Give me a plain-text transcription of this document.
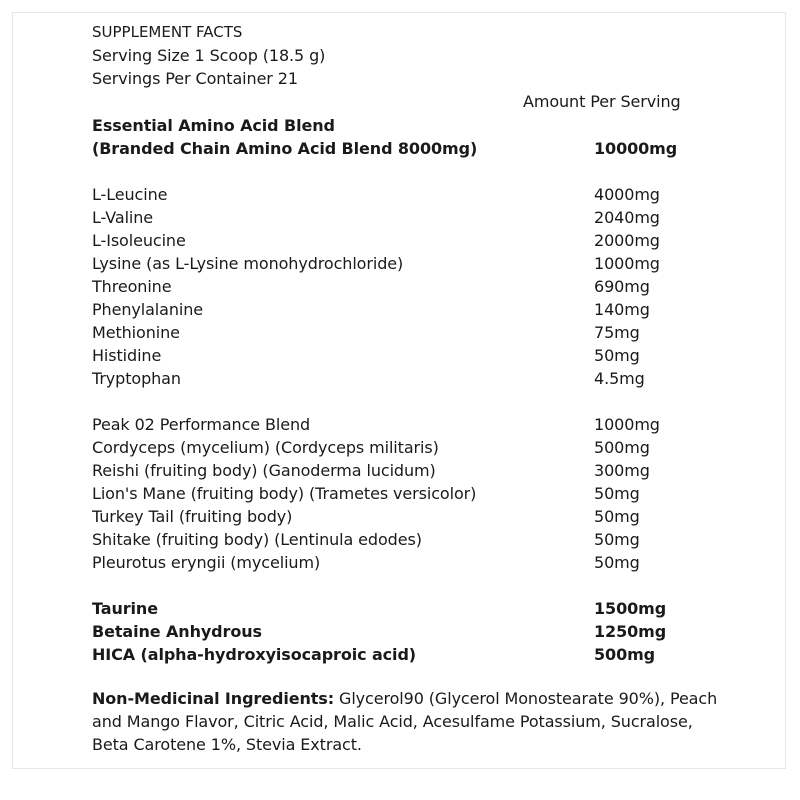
SUPPLEMENT FACTS
Serving Size 1 Scoop (18.5 g)
Servings Per Container 21
Amount Per Serving
Essential Amino Acid Blend
(Branded Chain Amino Acid Blend 8000mg)	10000mg
L-Leucine	4000mg
L-Valine	2040mg
L-Isoleucine	2000mg
Lysine (as L-Lysine monohydrochloride)	1000mg
Threonine	690mg
Phenylalanine	140mg
Methionine	75mg
Histidine	50mg
Tryptophan	4.5mg
Peak 02 Performance Blend	1000mg
Cordyceps (mycelium) (Cordyceps militaris)	500mg
Reishi (fruiting body) (Ganoderma lucidum)	300mg
Lion's Mane (fruiting body) (Trametes versicolor)	50mg
Turkey Tail (fruiting body)	50mg
Shitake (fruiting body) (Lentinula edodes)	50mg
Pleurotus eryngii (mycelium)	50mg
Taurine	1500mg
Betaine Anhydrous	1250mg
HICA (alpha-hydroxyisocaproic acid)	500mg
Non-Medicinal Ingredients: Glycerol90 (Glycerol Monostearate 90%), Peach and Mango Flavor, Citric Acid, Malic Acid, Acesulfame Potassium, Sucralose, Beta Carotene 1%, Stevia Extract.
